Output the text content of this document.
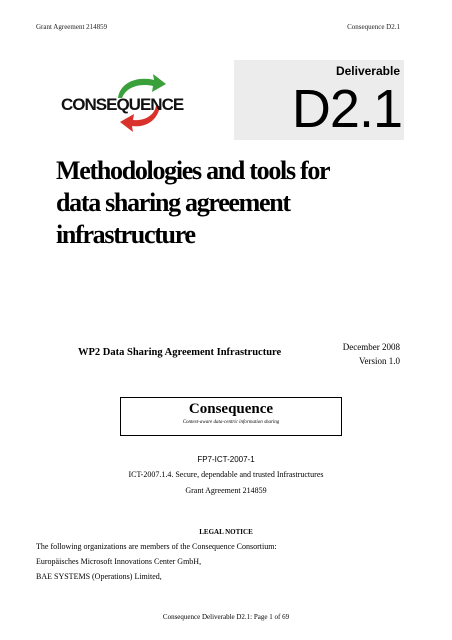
Grant Agreement 214859	Consequence D2.1
CONSEQUENCE
Deliverable
D2.1
Methodologies and tools for
data sharing agreement
infrastructure
WP2 Data Sharing Agreement Infrastructure	December 2008
Version 1.0
Consequence
Context-aware data-centric information sharing
FP7-ICT-2007-1
ICT-2007.1.4. Secure, dependable and trusted Infrastructures
Grant Agreement 214859
LEGAL NOTICE
The following organizations are members of the Consequence Consortium:
Europäisches Microsoft Innovations Center GmbH,
BAE SYSTEMS (Operations) Limited,
Consequence Deliverable D2.1: Page 1 of 69
